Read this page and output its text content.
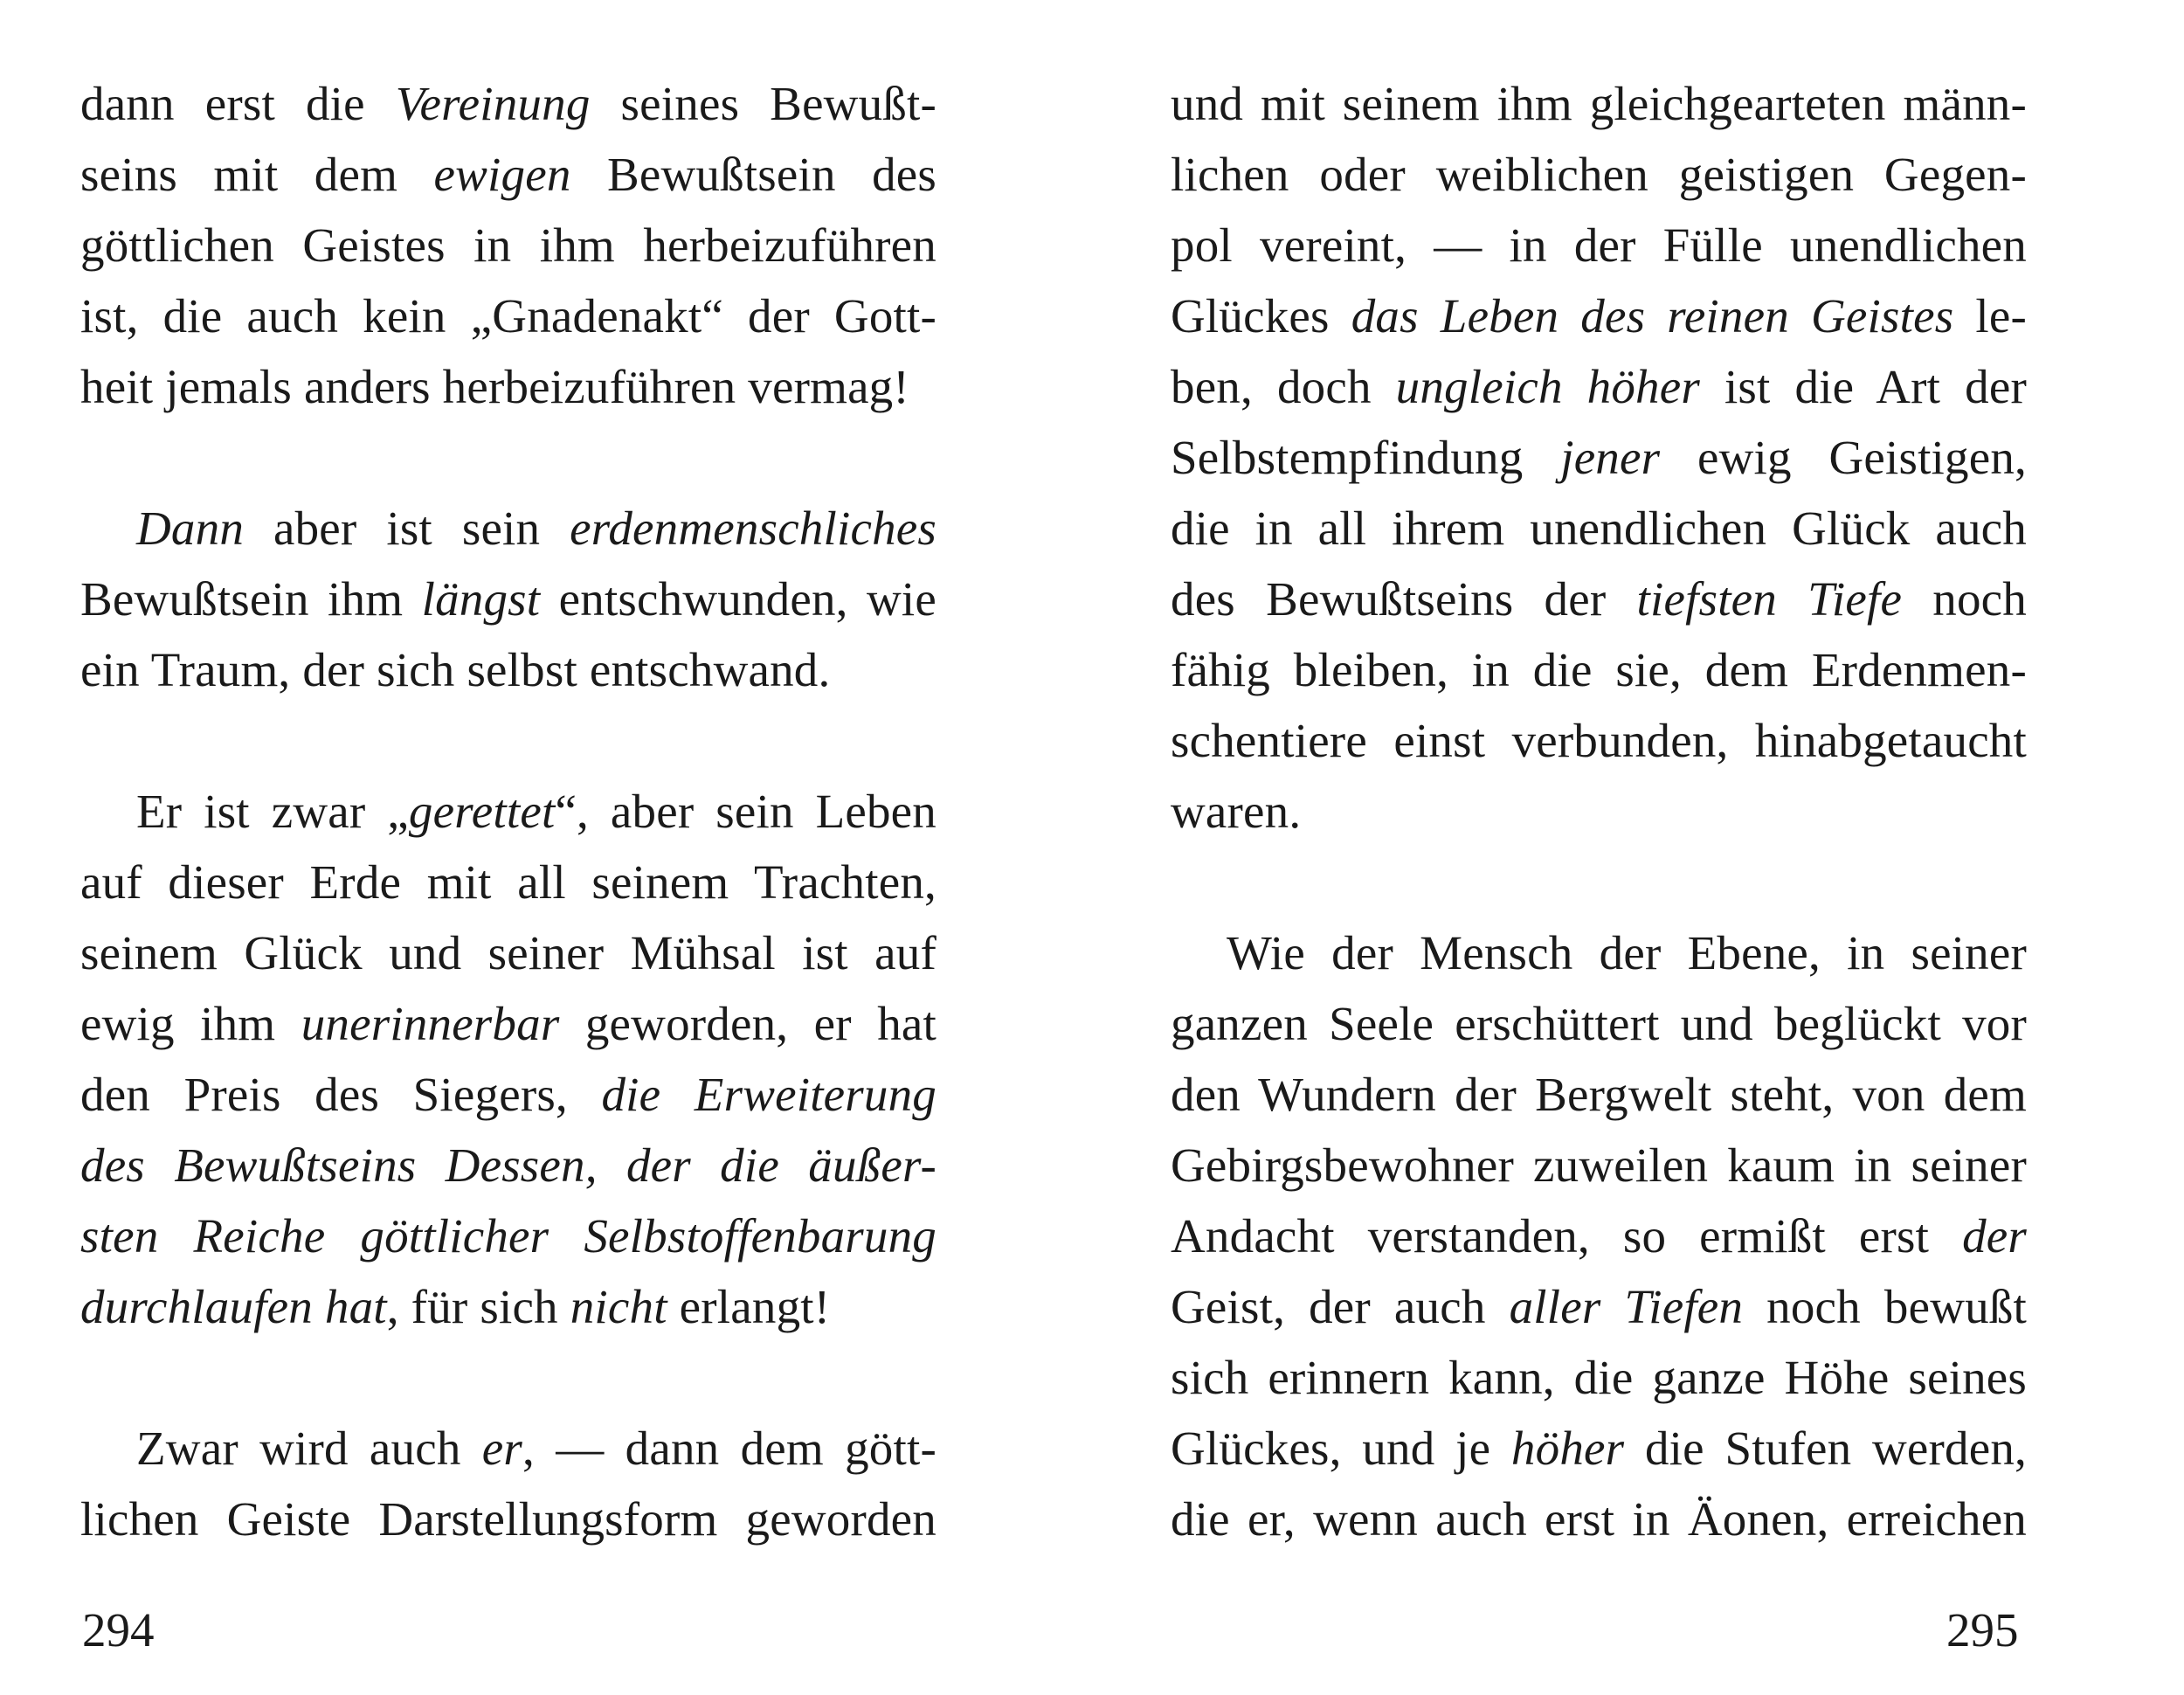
dann erst die Vereinung seines Bewußt-
seins mit dem ewigen Bewußtsein des
göttlichen Geistes in ihm herbeizuführen
ist, die auch kein „Gnadenakt“ der Gott-
heit jemals anders herbeizuführen vermag!
Dann aber ist sein erdenmenschliches
Bewußtsein ihm längst entschwunden, wie
ein Traum, der sich selbst entschwand.
Er ist zwar „gerettet“, aber sein Leben
auf dieser Erde mit all seinem Trachten,
seinem Glück und seiner Mühsal ist auf
ewig ihm unerinnerbar geworden, er hat
den Preis des Siegers, die Erweiterung
des Bewußtseins Dessen, der die äußer-
sten Reiche göttlicher Selbstoffenbarung
durchlaufen hat, für sich nicht erlangt!
Zwar wird auch er, — dann dem gött-
lichen Geiste Darstellungsform geworden
294
und mit seinem ihm gleichgearteten männ-
lichen oder weiblichen geistigen Gegen-
pol vereint, — in der Fülle unendlichen
Glückes das Leben des reinen Geistes le-
ben, doch ungleich höher ist die Art der
Selbstempfindung jener ewig Geistigen,
die in all ihrem unendlichen Glück auch
des Bewußtseins der tiefsten Tiefe noch
fähig bleiben, in die sie, dem Erdenmen-
schentiere einst verbunden, hinabgetaucht
waren.
Wie der Mensch der Ebene, in seiner
ganzen Seele erschüttert und beglückt vor
den Wundern der Bergwelt steht, von dem
Gebirgsbewohner zuweilen kaum in seiner
Andacht verstanden, so ermißt erst der
Geist, der auch aller Tiefen noch bewußt
sich erinnern kann, die ganze Höhe seines
Glückes, und je höher die Stufen werden,
die er, wenn auch erst in Äonen, erreichen
295
